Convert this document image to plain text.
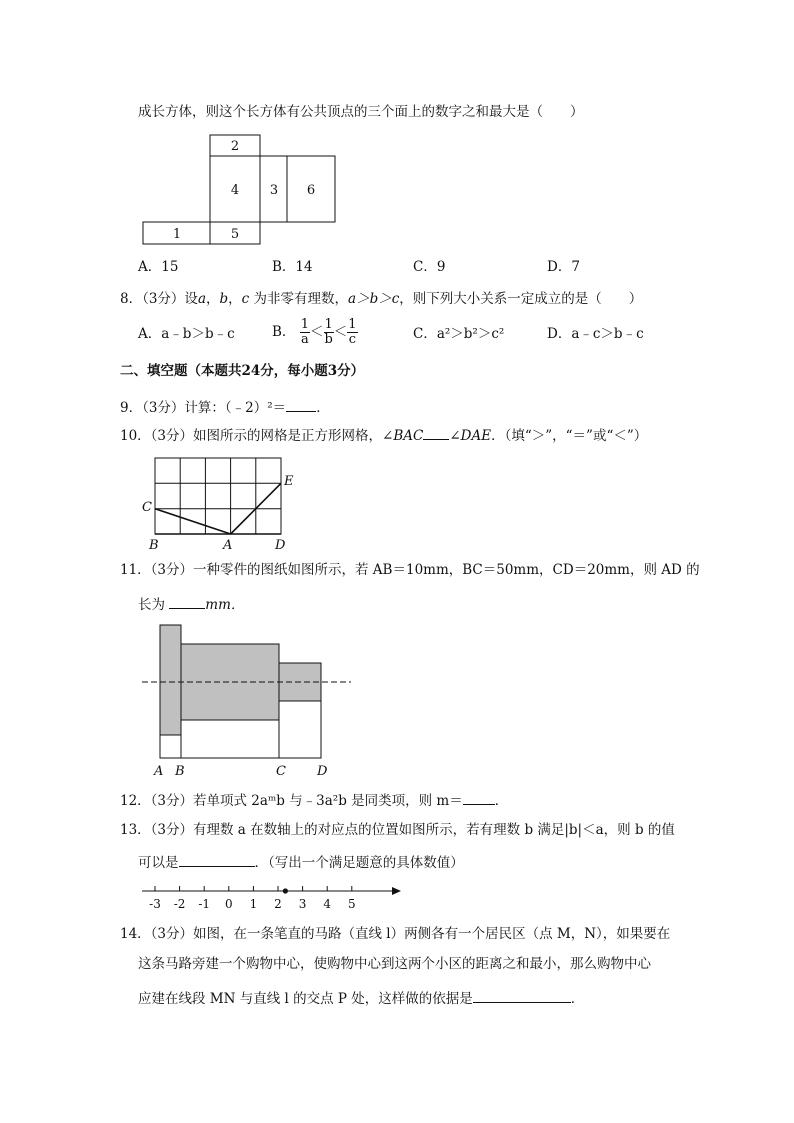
成长方体，则这个长方体有公共顶点的三个面上的数字之和最大是（　　）
2
4 3 6
1	5
A．15	B．14	C．9	D．7
8．（3分）设a，b，c 为非零有理数，a＞b＞c，则下列大小关系一定成立的是（　　）
A．a﹣b＞b﹣c	B． $\frac{1}{a} < \frac{1}{b} < \frac{1}{c}$	C．a²＞b²＞c²	D．a﹣c＞b﹣c
二、填空题（本题共24分，每小题3分）
9．（3分）计算：（﹣2）²＝ ．
10．（3分）如图所示的网格是正方形网格，∠BAC ∠DAE．（填“＞”，“＝”或“＜”）
C
E
B	A	D
11．（3分）一种零件的图纸如图所示，若 AB＝10mm，BC＝50mm，CD＝20mm，则 AD 的
长为	mm．
A B	C D
12．（3分）若单项式 2aᵐb 与﹣3a²b 是同类项，则 m＝ ．
13．（3分）有理数 a 在数轴上的对应点的位置如图所示，若有理数 b 满足|b|＜a，则 b 的值
可以是	．（写出一个满足题意的具体数值）
-3 -2 -1 0 1 2 3 4 5
14．（3分）如图，在一条笔直的马路（直线 l）两侧各有一个居民区（点 M，N），如果要在
这条马路旁建一个购物中心，使购物中心到这两个小区的距离之和最小，那么购物中心
应建在线段 MN 与直线 l 的交点 P 处，这样做的依据是	．
